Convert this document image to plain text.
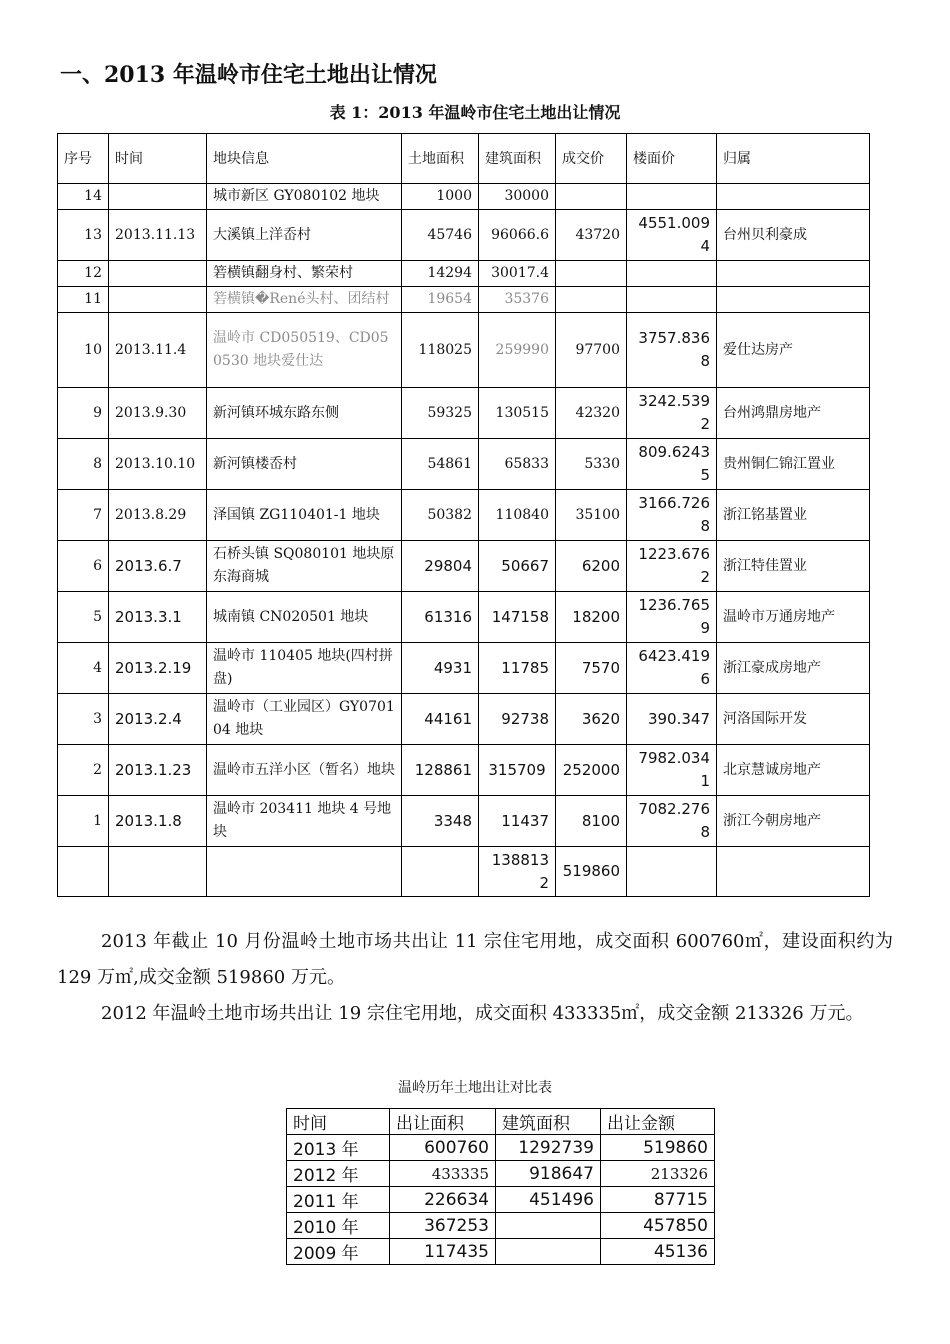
一、2013 年温岭市住宅土地出让情况
表 1：2013 年温岭市住宅土地出让情况
序号	时间	地块信息	土地面积	建筑面积	成交价	楼面价	归属
14		城市新区 GY080102 地块	1000	30000			
13	2013.11.13	大溪镇上洋岙村	45746	96066.6	43720	4551.0094	台州贝利豪成
12		箬横镇翻身村、繁荣村	14294	30017.4			
11		箬横镇�René头村、团结村	19654	35376			
10	2013.11.4	温岭市 CD050519、CD050530 地块爱仕达	118025	259990	97700	3757.8368	爱仕达房产
9	2013.9.30	新河镇环城东路东侧	59325	130515	42320	3242.5392	台州鸿鼎房地产
8	2013.10.10	新河镇楼岙村	54861	65833	5330	809.62435	贵州铜仁锦江置业
7	2013.8.29	泽国镇 ZG110401-1 地块	50382	110840	35100	3166.7268	浙江铭基置业
6	2013.6.7	石桥头镇 SQ080101 地块原东海商城	29804	50667	6200	1223.6762	浙江特佳置业
5	2013.3.1	城南镇 CN020501 地块	61316	147158	18200	1236.7659	温岭市万通房地产
4	2013.2.19	温岭市 110405 地块(四村拼盘)	4931	11785	7570	6423.4196	浙江豪成房地产
3	2013.2.4	温岭市（工业园区）GY070104 地块	44161	92738	3620	390.347	河洛国际开发
2	2013.1.23	温岭市五洋小区（暂名）地块	128861	315709	252000	7982.0341	北京慧诚房地产
1	2013.1.8	温岭市 203411 地块 4 号地块	3348	11437	8100	7082.2768	浙江今朝房地产
				1388132	519860		
2013 年截止 10 月份温岭土地市场共出让 11 宗住宅用地，成交面积 600760㎡，建设面积约为 129 万㎡,成交金额 519860 万元。
2012 年温岭土地市场共出让 19 宗住宅用地，成交面积 433335㎡，成交金额 213326 万元。
温岭历年土地出让对比表
时间	出让面积	建筑面积	出让金额
2013 年	600760	1292739	519860
2012 年	433335	918647	213326
2011 年	226634	451496	87715
2010 年	367253		457850
2009 年	117435		45136
